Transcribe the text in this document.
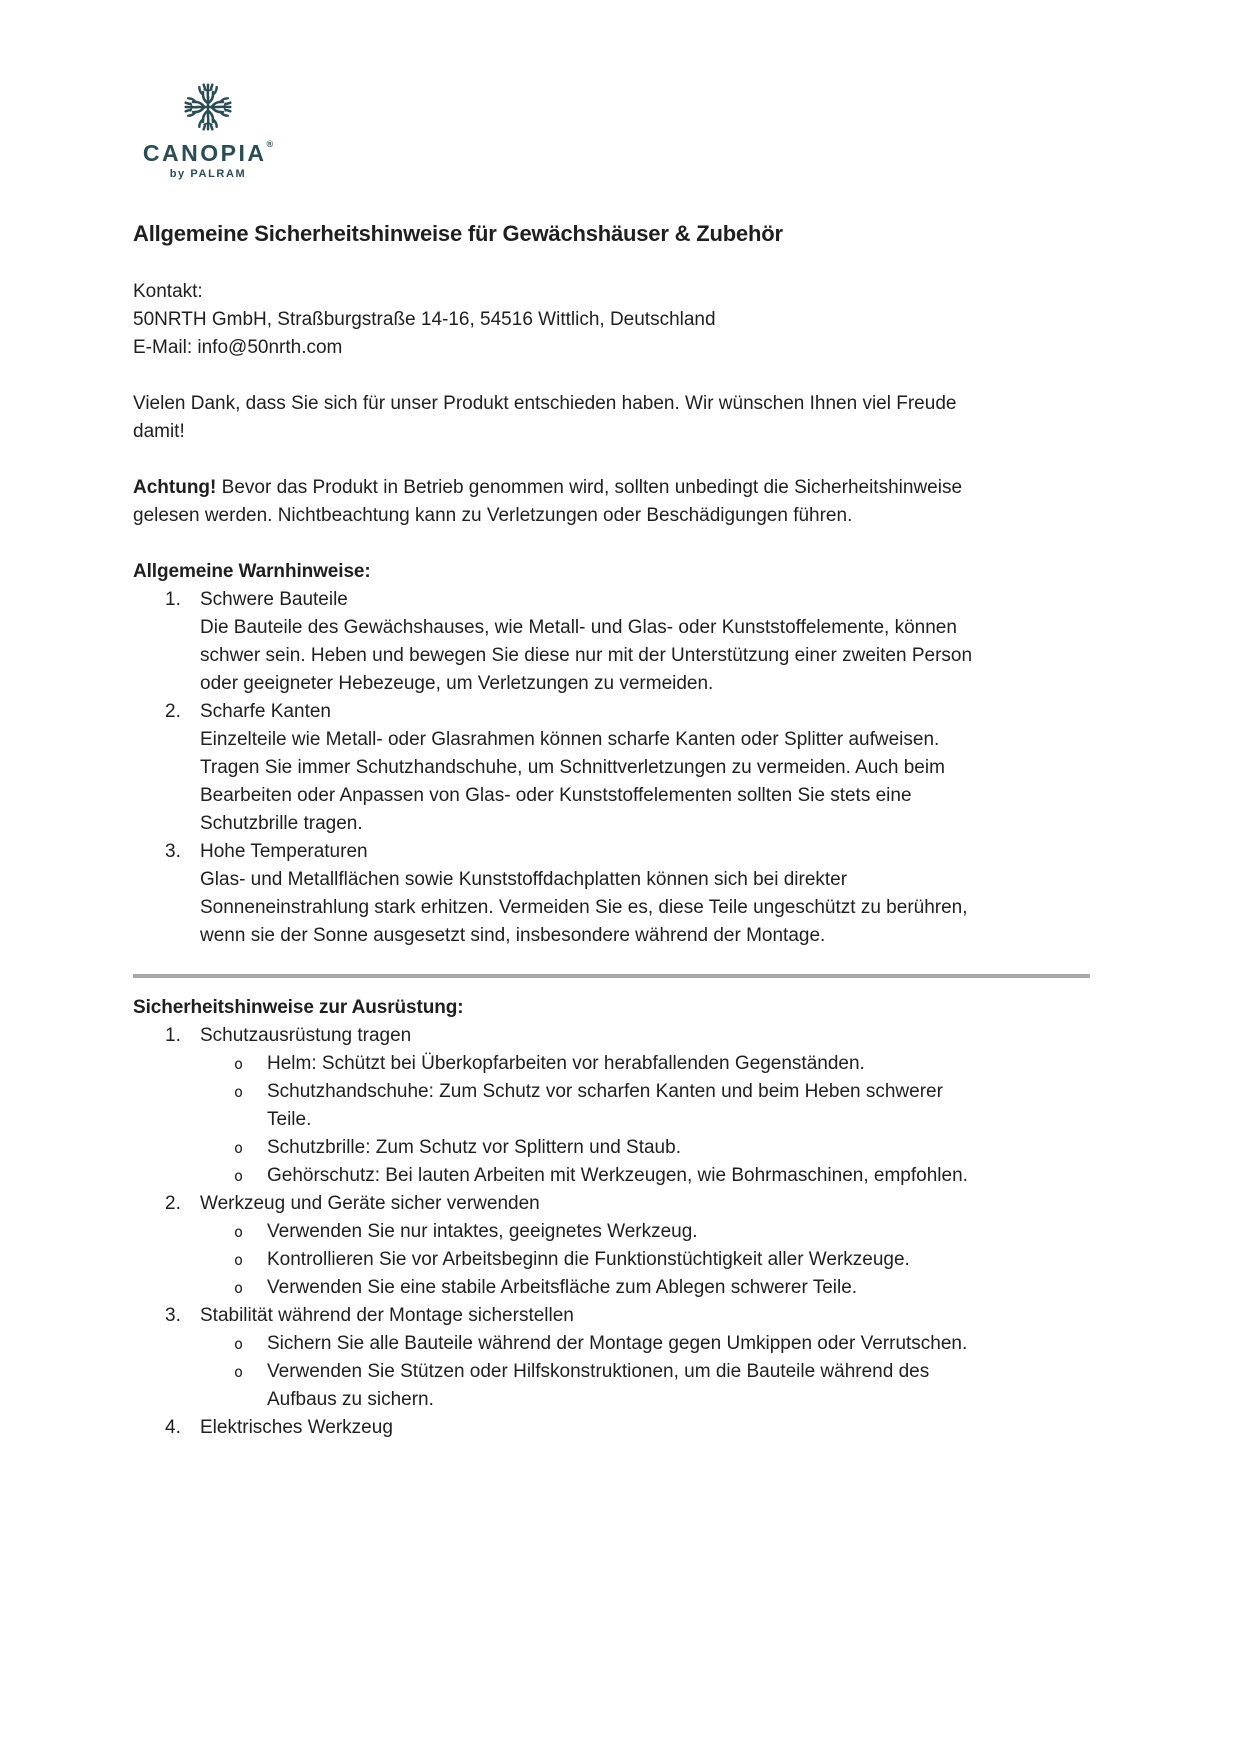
CANOPIA®
by PALRAM
Allgemeine Sicherheitshinweise für Gewächshäuser & Zubehör
Kontakt:
50NRTH GmbH, Straßburgstraße 14-16, 54516 Wittlich, Deutschland
E-Mail: info@50nrth.com

Vielen Dank, dass Sie sich für unser Produkt entschieden haben. Wir wünschen Ihnen viel Freude damit!

Achtung! Bevor das Produkt in Betrieb genommen wird, sollten unbedingt die Sicherheitshinweise gelesen werden. Nichtbeachtung kann zu Verletzungen oder Beschädigungen führen.

Allgemeine Warnhinweise:
Schwere Bauteile
Die Bauteile des Gewächshauses, wie Metall- und Glas- oder Kunststoffelemente, können schwer sein. Heben und bewegen Sie diese nur mit der Unterstützung einer zweiten Person oder geeigneter Hebezeuge, um Verletzungen zu vermeiden.
Scharfe Kanten
Einzelteile wie Metall- oder Glasrahmen können scharfe Kanten oder Splitter aufweisen. Tragen Sie immer Schutzhandschuhe, um Schnittverletzungen zu vermeiden. Auch beim Bearbeiten oder Anpassen von Glas- oder Kunststoffelementen sollten Sie stets eine Schutzbrille tragen.
Hohe Temperaturen
Glas- und Metallflächen sowie Kunststoffdachplatten können sich bei direkter Sonneneinstrahlung stark erhitzen. Vermeiden Sie es, diese Teile ungeschützt zu berühren, wenn sie der Sonne ausgesetzt sind, insbesondere während der Montage.
Sicherheitshinweise zur Ausrüstung:
Schutzausrüstung tragen
o Helm: Schützt bei Überkopfarbeiten vor herabfallenden Gegenständen.
o Schutzhandschuhe: Zum Schutz vor scharfen Kanten und beim Heben schwerer Teile.
o Schutzbrille: Zum Schutz vor Splittern und Staub.
o Gehörschutz: Bei lauten Arbeiten mit Werkzeugen, wie Bohrmaschinen, empfohlen.
Werkzeug und Geräte sicher verwenden
o Verwenden Sie nur intaktes, geeignetes Werkzeug.
o Kontrollieren Sie vor Arbeitsbeginn die Funktionstüchtigkeit aller Werkzeuge.
o Verwenden Sie eine stabile Arbeitsfläche zum Ablegen schwerer Teile.
Stabilität während der Montage sicherstellen
o Sichern Sie alle Bauteile während der Montage gegen Umkippen oder Verrutschen.
o Verwenden Sie Stützen oder Hilfskonstruktionen, um die Bauteile während des Aufbaus zu sichern.
Elektrisches Werkzeug
